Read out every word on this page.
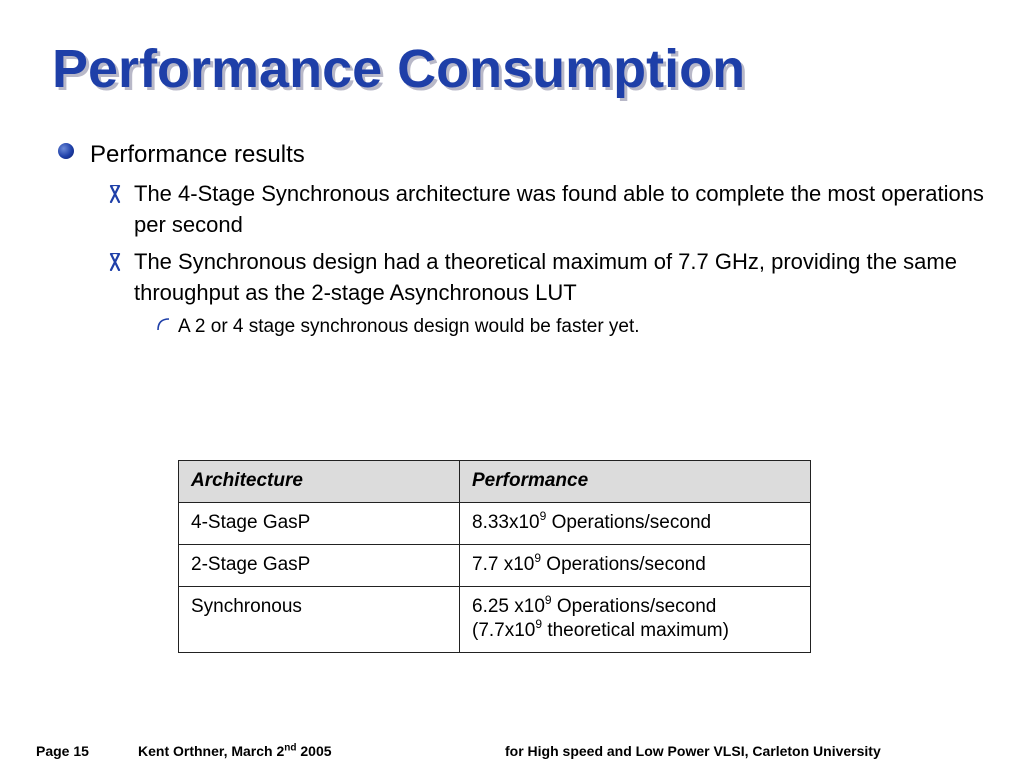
Performance Consumption
Performance results
The 4-Stage Synchronous architecture was found able to complete the most operations per second
The Synchronous design had a theoretical maximum of 7.7 GHz, providing the same throughput as the 2-stage Asynchronous LUT
A 2 or 4 stage synchronous design would be faster yet.
Architecture	Performance
4-Stage GasP	$8.33x10^9$ Operations/second
2-Stage GasP	7.7 $x10^9$ Operations/second
Synchronous	6.25 $x10^9$ Operations/second
($7.7x10^9$ theoretical maximum)
Page 15	Kent Orthner, March 2nd 2005	for High speed and Low Power VLSI, Carleton University
